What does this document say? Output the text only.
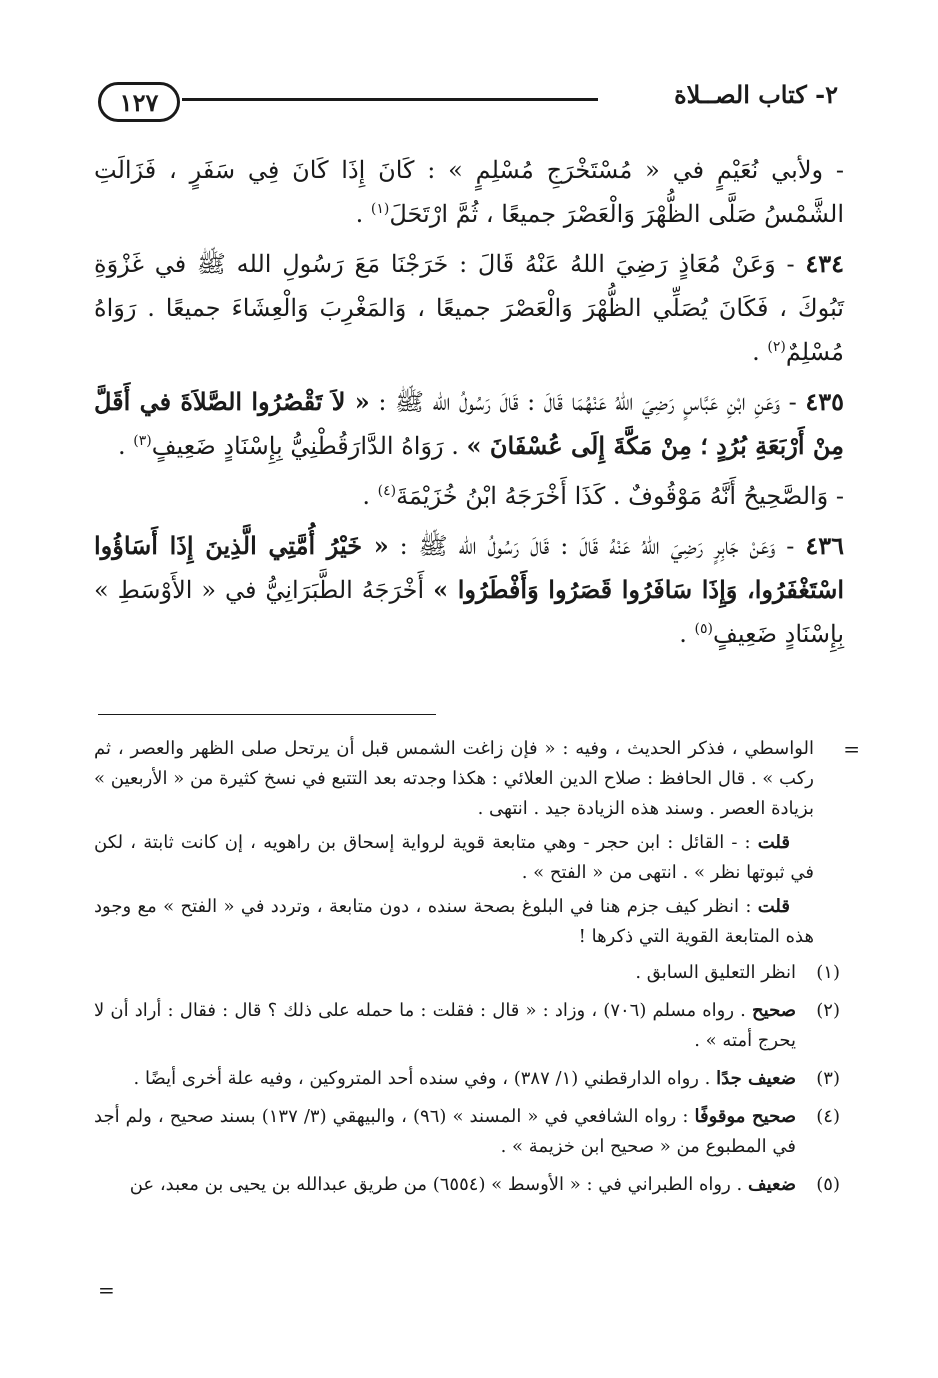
٢- كتاب الصــلاة
١٢٧

- ولأبي نُعَيْمٍ في « مُسْتَخْرَجِ مُسْلِمٍ » : كَانَ إِذَا كَانَ فِي سَفَرٍ ، فَزَالَتِ الشَّمْسُ صَلَّى الظُّهْرَ وَالْعَصْرَ جميعًا ، ثُمَّ ارْتَحَلَ$^{(١)}$ .

٤٣٤ - وَعَنْ مُعَاذٍ رَضِيَ اللهُ عَنْهُ قَالَ : خَرَجْنَا مَعَ رَسُولِ الله ﷺ في غَزْوَةِ تَبُوكَ ، فَكَانَ يُصَلِّي الظُّهْرَ وَالْعَصْرَ جميعًا ، وَالمَغْرِبَ وَالْعِشَاءَ جميعًا . رَوَاهُ مُسْلِمٌ$^{(٢)}$ .

٤٣٥ - وَعَنِ ابْنِ عَبَّاسٍ رَضِيَ اللهُ عَنْهُمَا قَالَ : قَالَ رَسُولُ الله ﷺ : « لاَ تَقْصُرُوا الصَّلاَةَ في أَقَلَّ مِنْ أَرْبَعَةِ بُرُدٍ ؛ مِنْ مَكَّةَ إِلَى عُسْفَانَ » . رَوَاهُ الدَّارَقُطْنِيُّ بِإِسْنَادٍ ضَعِيفٍ$^{(٣)}$ .

- وَالصَّحِيحُ أَنَّهُ مَوْقُوفٌ . كَذَا أَخْرَجَهُ ابْنُ خُزَيْمَةَ$^{(٤)}$ .

٤٣٦ - وَعَنْ جَابِرٍ رَضِيَ اللهُ عَنْهُ قَالَ : قَالَ رَسُولُ الله ﷺ : « خَيْرُ أُمَّتِي الَّذِينَ إِذَا أَسَاؤُوا اسْتَغْفَرُوا، وَإِذَا سَافَرُوا قَصَرُوا وَأَفْطَرُوا » أَخْرَجَهُ الطَّبَرَانِيُّ في « الأَوْسَطِ » بِإِسْنَادٍ ضَعِيفٍ$^{(٥)}$ .

=

الواسطي ، فذكر الحديث ، وفيه : « فإن زاغت الشمس قبل أن يرتحل صلى الظهر والعصر ، ثم ركب » . قال الحافظ : صلاح الدين العلائي : هكذا وجدته بعد التتبع في نسخ كثيرة من « الأربعين » بزيادة العصر . وسند هذه الزيادة جيد . انتهى .

قلت : - القائل : ابن حجر - وهي متابعة قوية لرواية إسحاق بن راهويه ، إن كانت ثابتة ، لكن في ثبوتها نظر » . انتهى من « الفتح » .

قلت : انظر كيف جزم هنا في البلوغ بصحة سنده ، دون متابعة ، وتردد في « الفتح » مع وجود هذه المتابعة القوية التي ذكرها !

(١)
انظر التعليق السابق .
(٢)
صحيح . رواه مسلم (٧٠٦) ، وزاد : « قال : فقلت : ما حمله على ذلك ؟ قال : فقال : أراد أن لا يحرج أمته » .
(٣)
ضعيف جدًا . رواه الدارقطني (١/ ٣٨٧) ، وفي سنده أحد المتروكين ، وفيه علة أخرى أيضًا .
(٤)
صحيح موقوفًا : رواه الشافعي في « المسند » (٩٦) ، والبيهقي (٣/ ١٣٧) بسند صحيح ، ولم أجد في المطبوع من « صحيح ابن خزيمة » .
(٥)
ضعيف . رواه الطبراني في : « الأوسط » (٦٥٥٤) من طريق عبدالله بن يحيى بن معبد، عن
=
